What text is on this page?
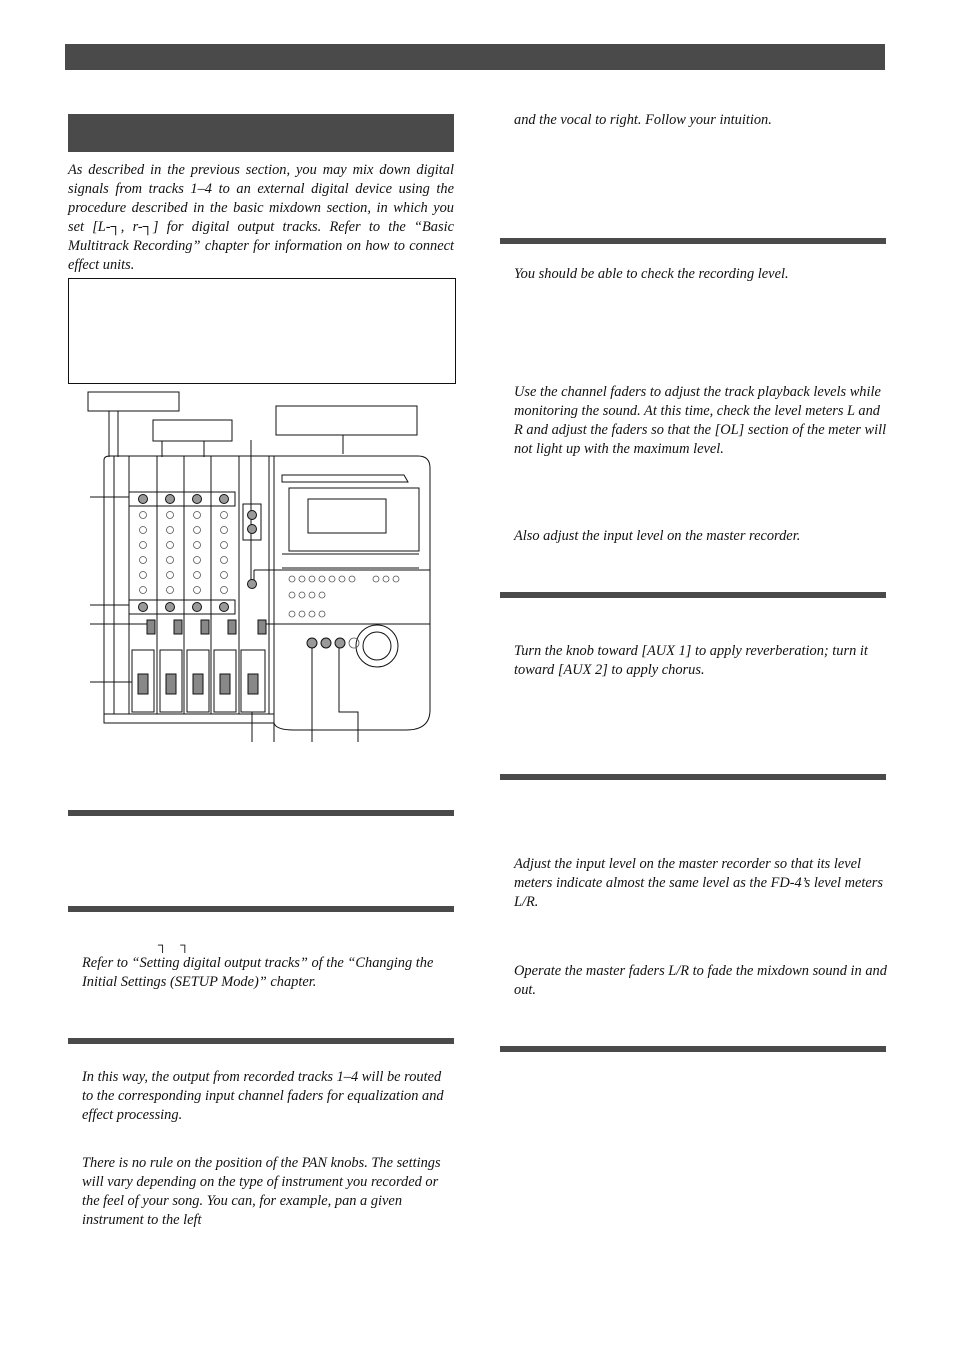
As described in the previous section, you may mix down digital signals from tracks 1–4 to an external digital device using the procedure described in the basic mixdown section, in which you set [L-┐, r-┐] for digital output tracks. Refer to the “Basic Multitrack Recording” chapter for information on how to connect effect units.

┐    ┐

Refer to “Setting digital output tracks” of the “Changing the Initial Settings (SETUP Mode)” chapter.

In this way, the output from recorded tracks 1–4 will be routed to the corresponding input channel faders for equalization and effect processing.

There is no rule on the position of the PAN knobs. The settings will vary depending on the type of instrument you recorded or the feel of your song. You can, for example, pan a given instrument to the left

and the vocal to right. Follow your intuition.

You should be able to check the recording level.

Use the channel faders to adjust the track playback levels while monitoring the sound. At this time, check the level meters L and R and adjust the faders so that the [OL] section of the meter will not light up with the maximum level.

Also adjust the input level on the master recorder.

Turn the knob toward [AUX 1] to apply reverberation; turn it toward [AUX 2] to apply chorus.

Adjust the input level on the master recorder so that its level meters indicate almost the same level as the FD-4’s level meters L/R.

Operate the master faders L/R to fade the mixdown sound in and out.
